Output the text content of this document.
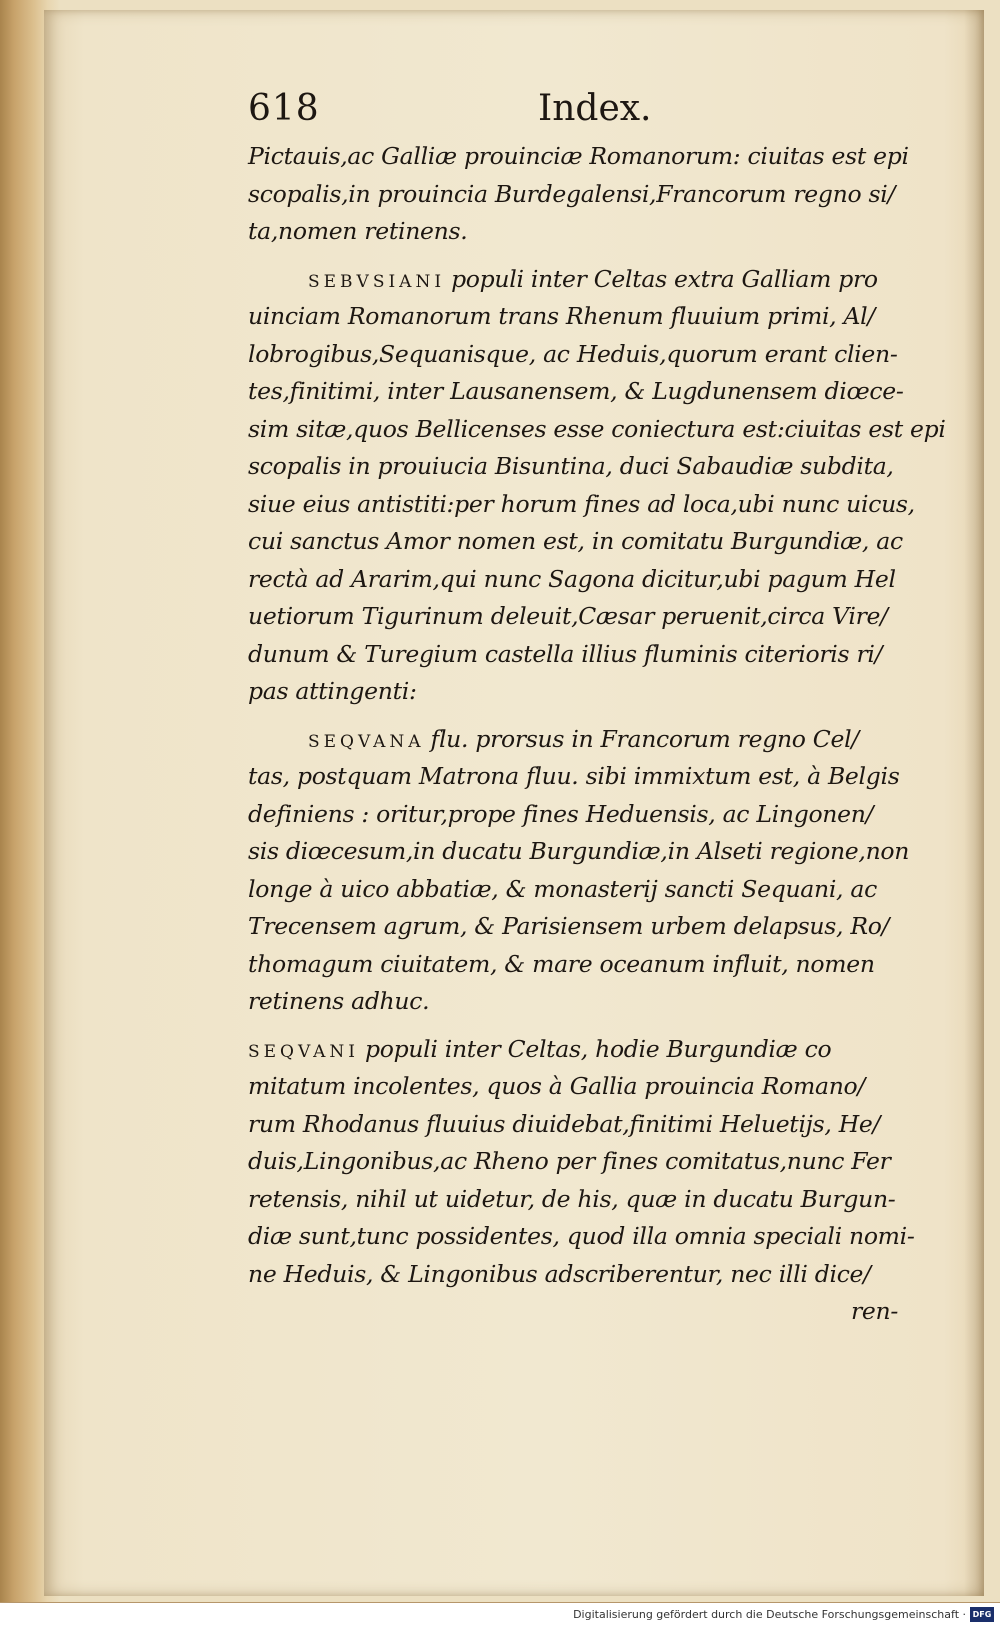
618	Index.
Pictauis,ac Galliæ prouinciæ Romanorum: ciuitas est epi
scopalis,in prouincia Burdegalensi,Francorum regno si/
ta,nomen retinens.
SEBVSIANI populi inter Celtas extra Galliam pro
uinciam Romanorum trans Rhenum fluuium primi, Al/
lobrogibus,Sequanisque, ac Heduis,quorum erant clien-
tes,finitimi, inter Lausanensem, & Lugdunensem diœce-
sim sitæ,quos Bellicenses esse coniectura est:ciuitas est epi
scopalis in prouiucia Bisuntina, duci Sabaudiæ subdita,
siue eius antistiti:per horum fines ad loca,ubi nunc uicus,
cui sanctus Amor nomen est, in comitatu Burgundiæ, ac
rectà ad Ararim,qui nunc Sagona dicitur,ubi pagum Hel
uetiorum Tigurinum deleuit,Cæsar peruenit,circa Vire/
dunum & Turegium castella illius fluminis citerioris ri/
pas attingenti:
SEQVANA flu. prorsus in Francorum regno Cel/
tas, postquam Matrona fluu. sibi immixtum est, à Belgis
definiens : oritur,prope fines Heduensis, ac Lingonen/
sis diœcesum,in ducatu Burgundiæ,in Alseti regione,non
longe à uico abbatiæ, & monasterij sancti Sequani, ac
Trecensem agrum, & Parisiensem urbem delapsus, Ro/
thomagum ciuitatem, & mare oceanum influit, nomen
retinens adhuc.
SEQVANI populi inter Celtas, hodie Burgundiæ co
mitatum incolentes, quos à Gallia prouincia Romano/
rum Rhodanus fluuius diuidebat,finitimi Heluetijs, He/
duis,Lingonibus,ac Rheno per fines comitatus,nunc Fer
retensis, nihil ut uidetur, de his, quæ in ducatu Burgun-
diæ sunt,tunc possidentes, quod illa omnia speciali nomi-
ne Heduis, & Lingonibus adscriberentur, nec illi dice/
ren-
Digitalisierung gefördert durch die Deutsche Forschungsgemeinschaft · DFG
